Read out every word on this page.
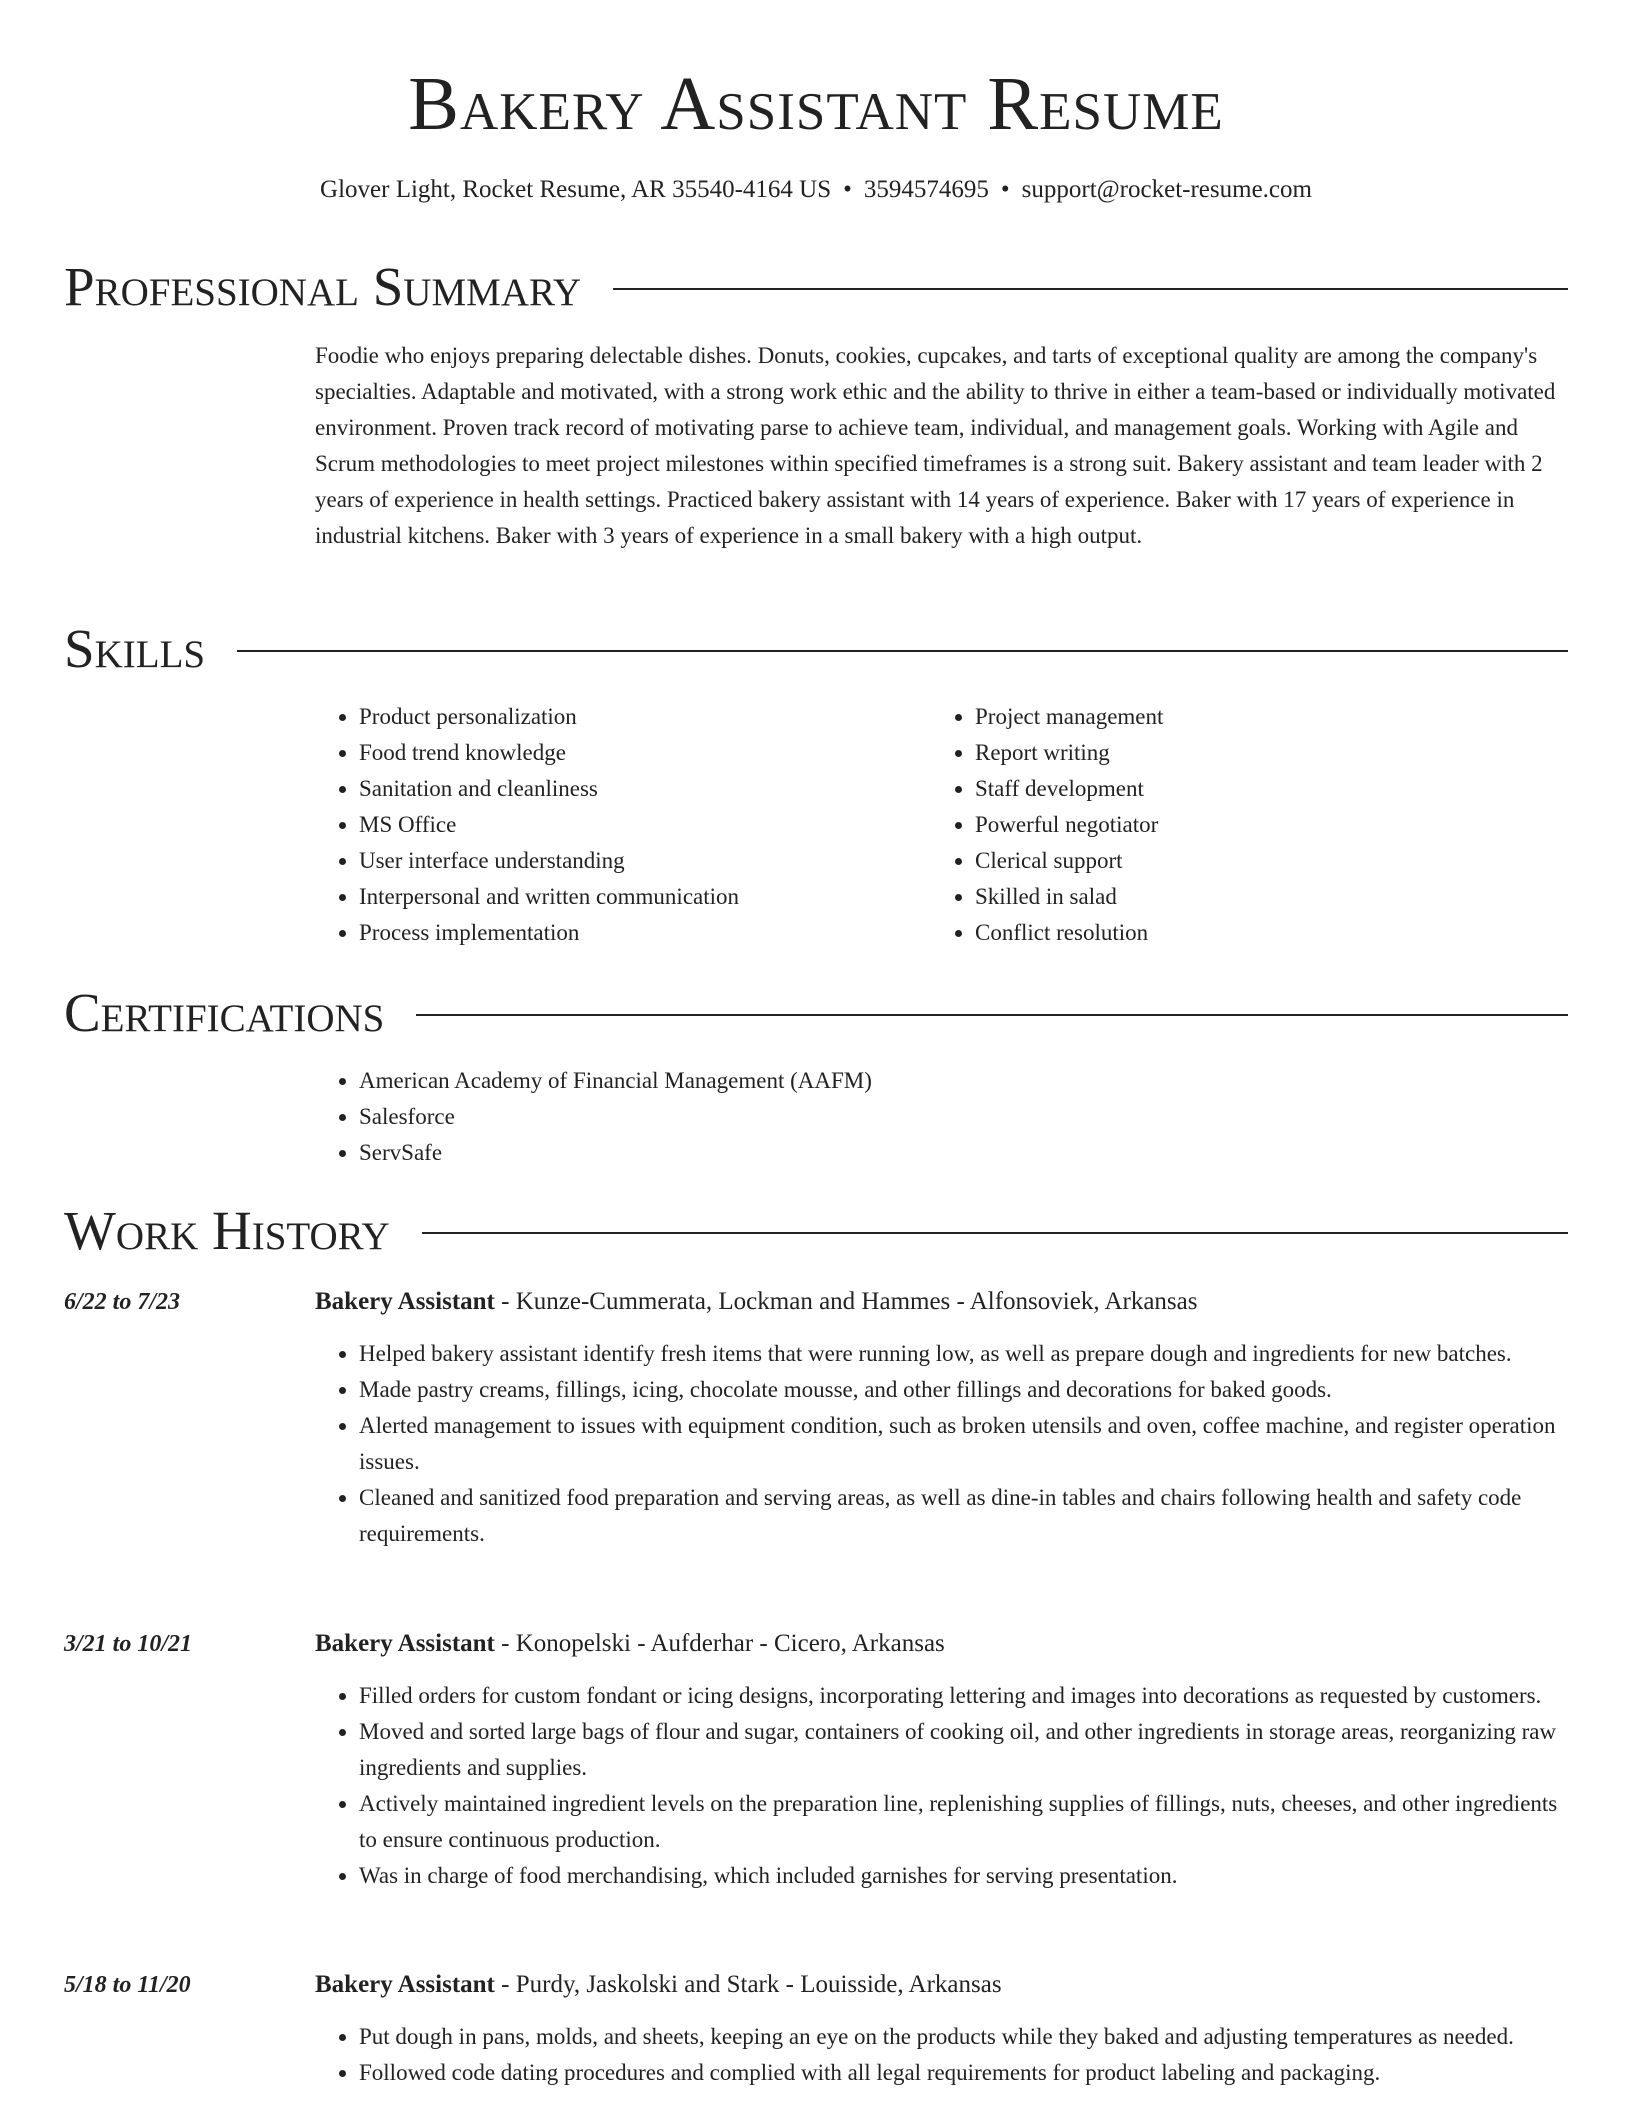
Bakery Assistant Resume
Glover Light, Rocket Resume, AR 35540-4164 US • 3594574695 • support@rocket-resume.com
Professional Summary
Foodie who enjoys preparing delectable dishes. Donuts, cookies, cupcakes, and tarts of exceptional quality are among the company's specialties. Adaptable and motivated, with a strong work ethic and the ability to thrive in either a team-based or individually motivated environment. Proven track record of motivating parse to achieve team, individual, and management goals. Working with Agile and Scrum methodologies to meet project milestones within specified timeframes is a strong suit. Bakery assistant and team leader with 2 years of experience in health settings. Practiced bakery assistant with 14 years of experience. Baker with 17 years of experience in industrial kitchens. Baker with 3 years of experience in a small bakery with a high output.
Skills
• Product personalization
• Food trend knowledge
• Sanitation and cleanliness
• MS Office
• User interface understanding
• Interpersonal and written communication
• Process implementation
• Project management
• Report writing
• Staff development
• Powerful negotiator
• Clerical support
• Skilled in salad
• Conflict resolution
Certifications
• American Academy of Financial Management (AAFM)
• Salesforce
• ServSafe
Work History
6/22 to 7/23	Bakery Assistant - Kunze-Cummerata, Lockman and Hammes - Alfonsoviek, Arkansas
• Helped bakery assistant identify fresh items that were running low, as well as prepare dough and ingredients for new batches.
• Made pastry creams, fillings, icing, chocolate mousse, and other fillings and decorations for baked goods.
• Alerted management to issues with equipment condition, such as broken utensils and oven, coffee machine, and register operation issues.
• Cleaned and sanitized food preparation and serving areas, as well as dine-in tables and chairs following health and safety code requirements.
3/21 to 10/21	Bakery Assistant - Konopelski - Aufderhar - Cicero, Arkansas
• Filled orders for custom fondant or icing designs, incorporating lettering and images into decorations as requested by customers.
• Moved and sorted large bags of flour and sugar, containers of cooking oil, and other ingredients in storage areas, reorganizing raw ingredients and supplies.
• Actively maintained ingredient levels on the preparation line, replenishing supplies of fillings, nuts, cheeses, and other ingredients to ensure continuous production.
• Was in charge of food merchandising, which included garnishes for serving presentation.
5/18 to 11/20	Bakery Assistant - Purdy, Jaskolski and Stark - Louisside, Arkansas
• Put dough in pans, molds, and sheets, keeping an eye on the products while they baked and adjusting temperatures as needed.
• Followed code dating procedures and complied with all legal requirements for product labeling and packaging.
